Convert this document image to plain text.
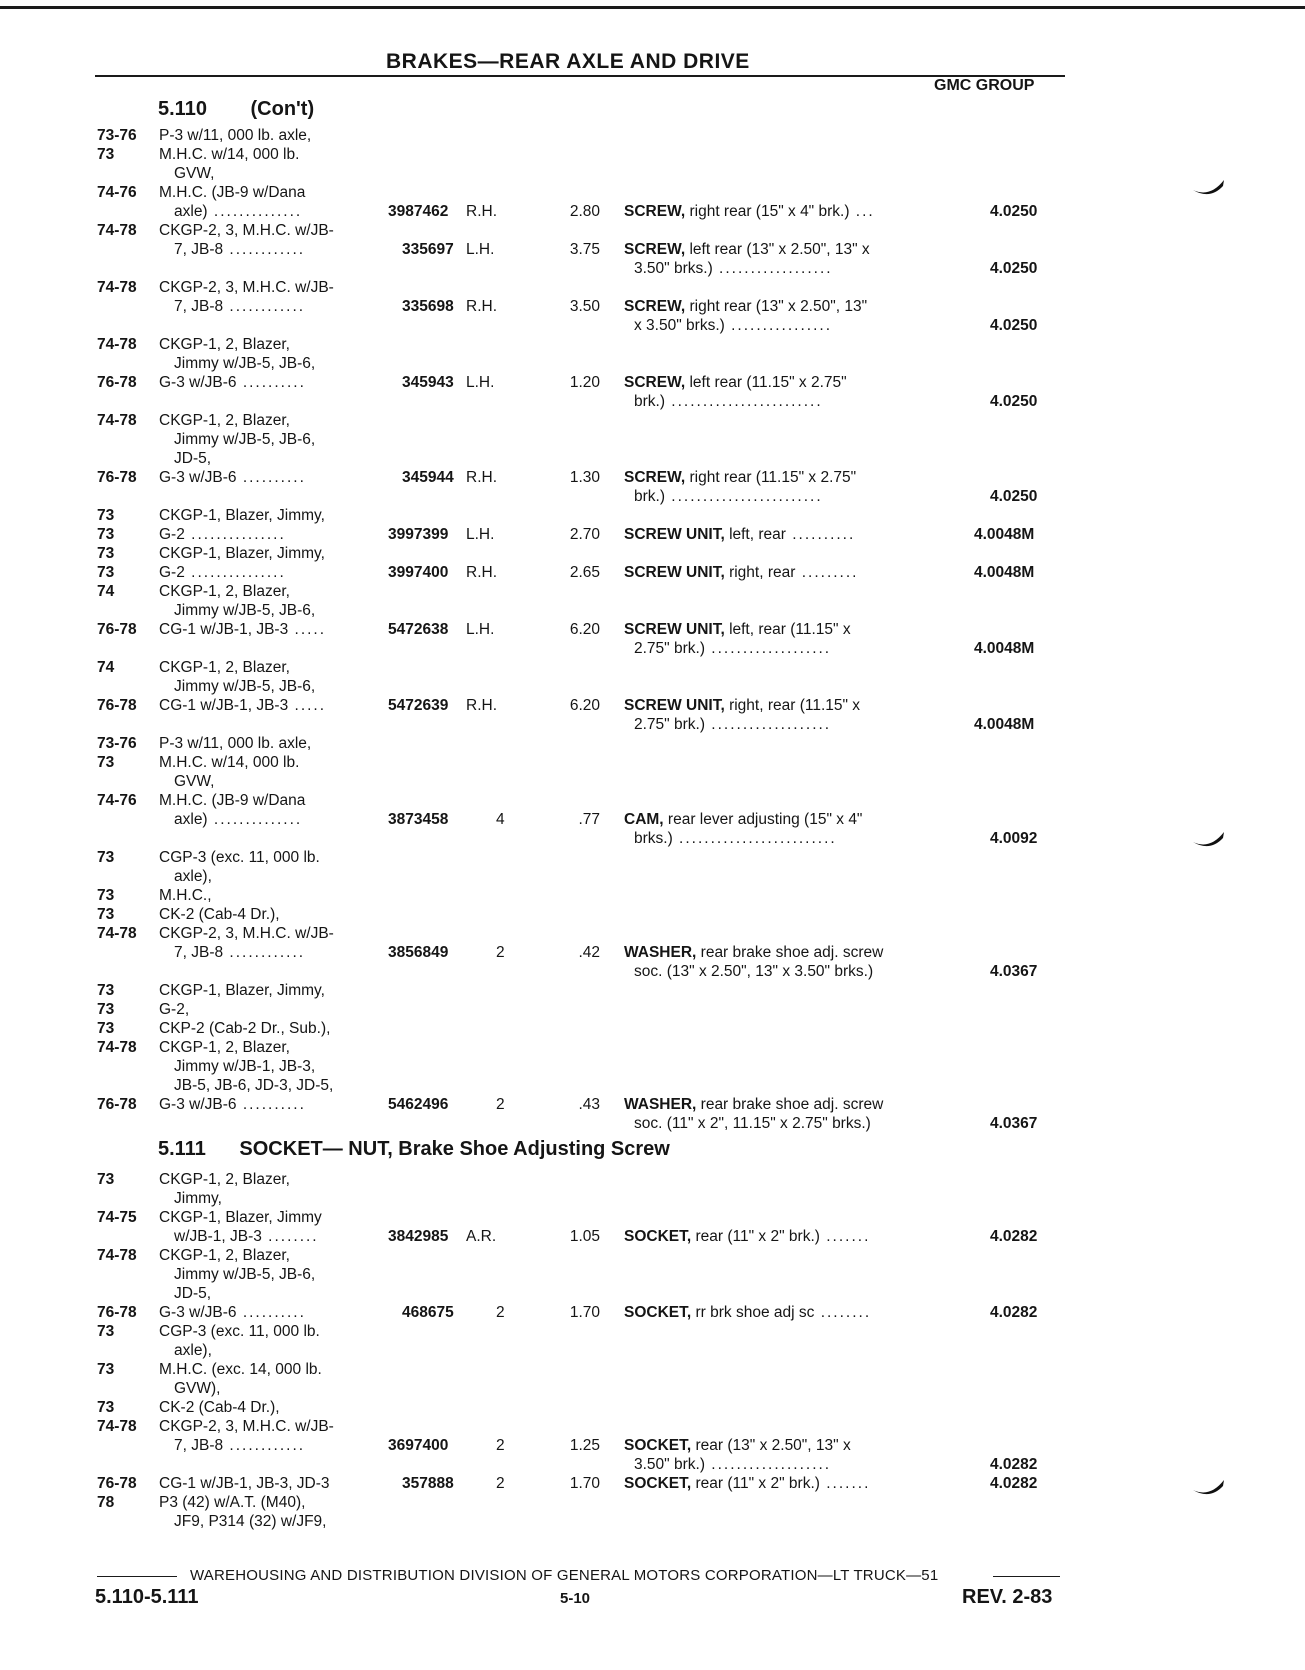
BRAKES—REAR AXLE AND DRIVE
GMC GROUP
5.110 (Con't)
73-76 P-3 w/11, 000 lb. axle,
73	M.H.C. w/14, 000 lb.
GVW,
74-76 M.H.C. (JB-9 w/Dana
axle) ..............	3987462 R.H.	2.80 SCREW, right rear (15" x 4" brk.) ...	4.0250
74-78 CKGP-2, 3, M.H.C. w/JB-
7, JB-8 ............	335697 L.H.	3.75 SCREW, left rear (13" x 2.50", 13" x
3.50" brks.) ..................	4.0250
74-78 CKGP-2, 3, M.H.C. w/JB-
7, JB-8 ............	335698 R.H.	3.50 SCREW, right rear (13" x 2.50", 13"
x 3.50" brks.) ................	4.0250
74-78 CKGP-1, 2, Blazer,
Jimmy w/JB-5, JB-6,
76-78 G-3 w/JB-6 ..........	345943 L.H.	1.20 SCREW, left rear (11.15" x 2.75"
brk.) ........................	4.0250
74-78 CKGP-1, 2, Blazer,
Jimmy w/JB-5, JB-6,
JD-5,
76-78 G-3 w/JB-6 ..........	345944 R.H.	1.30 SCREW, right rear (11.15" x 2.75"
brk.) ........................	4.0250
73	CKGP-1, Blazer, Jimmy,
73	G-2 ...............	3997399 L.H.	2.70 SCREW UNIT, left, rear ..........	4.0048M
73	CKGP-1, Blazer, Jimmy,
73	G-2 ...............	3997400 R.H.	2.65 SCREW UNIT, right, rear .........	4.0048M
74	CKGP-1, 2, Blazer,
Jimmy w/JB-5, JB-6,
76-78 CG-1 w/JB-1, JB-3 .....	5472638 L.H.	6.20 SCREW UNIT, left, rear (11.15" x
2.75" brk.) ...................	4.0048M
74	CKGP-1, 2, Blazer,
Jimmy w/JB-5, JB-6,
76-78 CG-1 w/JB-1, JB-3 .....	5472639 R.H.	6.20 SCREW UNIT, right, rear (11.15" x
2.75" brk.) ...................	4.0048M
73-76 P-3 w/11, 000 lb. axle,
73	M.H.C. w/14, 000 lb.
GVW,
74-76 M.H.C. (JB-9 w/Dana
axle) ..............	3873458	4	.77 CAM, rear lever adjusting (15" x 4"
brks.) .........................	4.0092
73	CGP-3 (exc. 11, 000 lb.
axle),
73	M.H.C.,
73	CK-2 (Cab-4 Dr.),
74-78 CKGP-2, 3, M.H.C. w/JB-
7, JB-8 ............	3856849	2	.42 WASHER, rear brake shoe adj. screw
soc. (13" x 2.50", 13" x 3.50" brks.)	4.0367
73	CKGP-1, Blazer, Jimmy,
73	G-2,
73	CKP-2 (Cab-2 Dr., Sub.),
74-78 CKGP-1, 2, Blazer,
Jimmy w/JB-1, JB-3,
JB-5, JB-6, JD-3, JD-5,
76-78 G-3 w/JB-6 ..........	5462496	2	.43 WASHER, rear brake shoe adj. screw
soc. (11" x 2", 11.15" x 2.75" brks.)	4.0367
5.111 SOCKET— NUT, Brake Shoe Adjusting Screw
73	CKGP-1, 2, Blazer,
Jimmy,
74-75 CKGP-1, Blazer, Jimmy
w/JB-1, JB-3 ........	3842985 A.R.	1.05 SOCKET, rear (11" x 2" brk.) .......	4.0282
74-78 CKGP-1, 2, Blazer,
Jimmy w/JB-5, JB-6,
JD-5,
76-78 G-3 w/JB-6 ..........	468675	2	1.70 SOCKET, rr brk shoe adj sc ........	4.0282
73	CGP-3 (exc. 11, 000 lb.
axle),
73	M.H.C. (exc. 14, 000 lb.
GVW),
73	CK-2 (Cab-4 Dr.),
74-78 CKGP-2, 3, M.H.C. w/JB-
7, JB-8 ............	3697400	2	1.25 SOCKET, rear (13" x 2.50", 13" x
3.50" brk.) ...................	4.0282
76-78 CG-1 w/JB-1, JB-3, JD-3	357888	2	1.70 SOCKET, rear (11" x 2" brk.) .......	4.0282
78	P3 (42) w/A.T. (M40),
JF9, P314 (32) w/JF9,
WAREHOUSING AND DISTRIBUTION DIVISION OF GENERAL MOTORS CORPORATION—LT TRUCK—51
5.110-5.111	5-10	REV. 2-83
